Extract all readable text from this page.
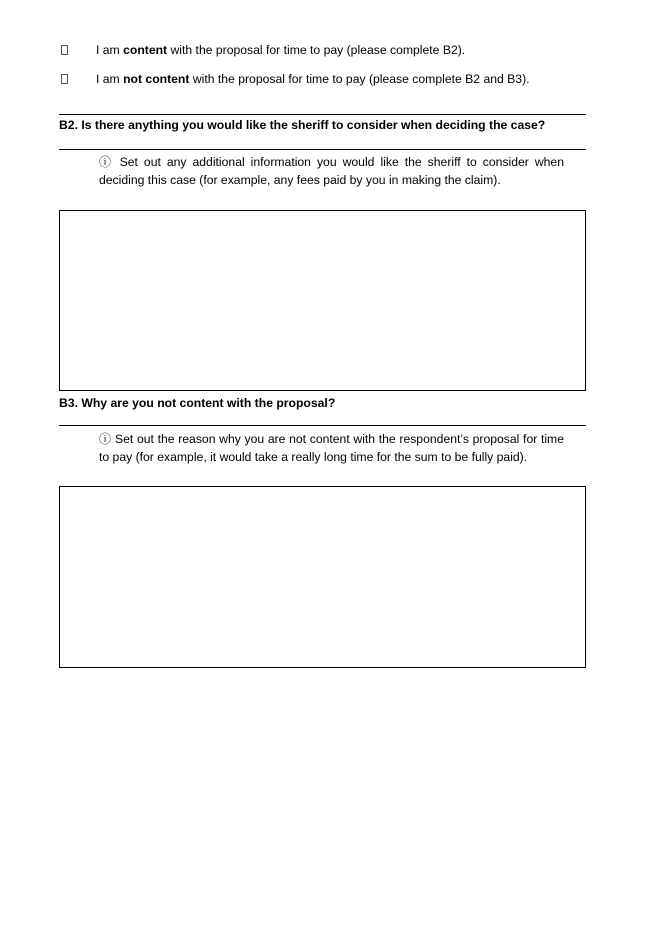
I am content with the proposal for time to pay (please complete B2).
I am not content with the proposal for time to pay (please complete B2 and B3).
B2. Is there anything you would like the sheriff to consider when deciding the case?
ⓘ Set out any additional information you would like the sheriff to consider when deciding this case (for example, any fees paid by you in making the claim).
B3. Why are you not content with the proposal?
ⓘ Set out the reason why you are not content with the respondent’s proposal for time to pay (for example, it would take a really long time for the sum to be fully paid).
